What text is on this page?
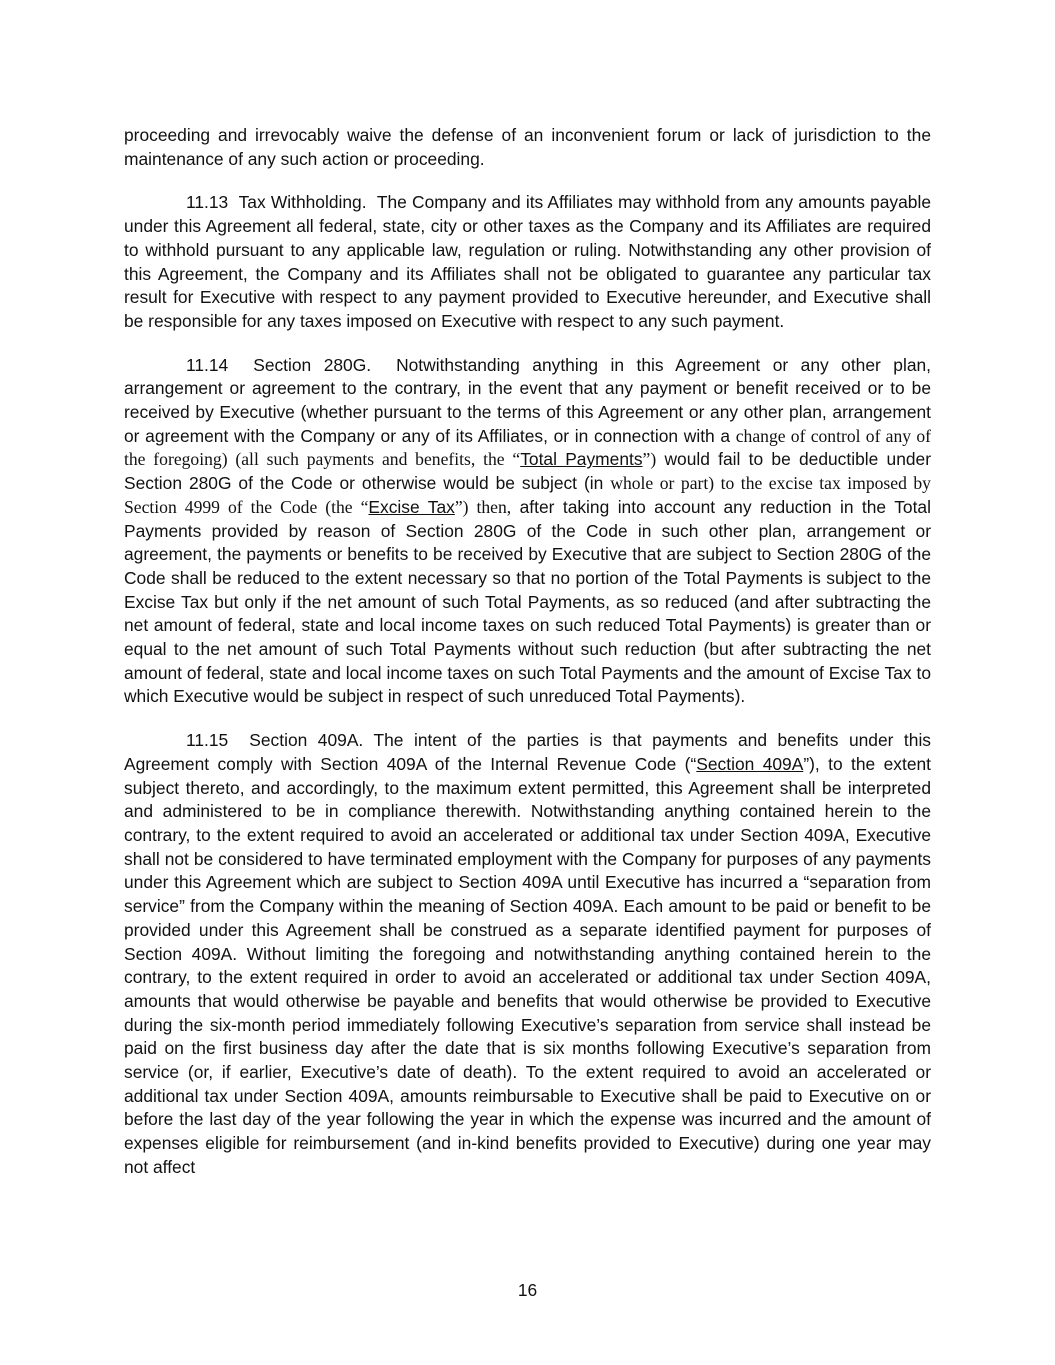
proceeding and irrevocably waive the defense of an inconvenient forum or lack of jurisdiction to the maintenance of any such action or proceeding.

11.13 Tax Withholding. The Company and its Affiliates may withhold from any amounts payable under this Agreement all federal, state, city or other taxes as the Company and its Affiliates are required to withhold pursuant to any applicable law, regulation or ruling. Notwithstanding any other provision of this Agreement, the Company and its Affiliates shall not be obligated to guarantee any particular tax result for Executive with respect to any payment provided to Executive hereunder, and Executive shall be responsible for any taxes imposed on Executive with respect to any such payment.

11.14 Section 280G. Notwithstanding anything in this Agreement or any other plan, arrangement or agreement to the contrary, in the event that any payment or benefit received or to be received by Executive (whether pursuant to the terms of this Agreement or any other plan, arrangement or agreement with the Company or any of its Affiliates, or in connection with a change of control of any of the foregoing) (all such payments and benefits, the “Total Payments”) would fail to be deductible under Section 280G of the Code or otherwise would be subject (in whole or part) to the excise tax imposed by Section 4999 of the Code (the “Excise Tax”) then, after taking into account any reduction in the Total Payments provided by reason of Section 280G of the Code in such other plan, arrangement or agreement, the payments or benefits to be received by Executive that are subject to Section 280G of the Code shall be reduced to the extent necessary so that no portion of the Total Payments is subject to the Excise Tax but only if the net amount of such Total Payments, as so reduced (and after subtracting the net amount of federal, state and local income taxes on such reduced Total Payments) is greater than or equal to the net amount of such Total Payments without such reduction (but after subtracting the net amount of federal, state and local income taxes on such Total Payments and the amount of Excise Tax to which Executive would be subject in respect of such unreduced Total Payments).

11.15 Section 409A. The intent of the parties is that payments and benefits under this Agreement comply with Section 409A of the Internal Revenue Code (“Section 409A”), to the extent subject thereto, and accordingly, to the maximum extent permitted, this Agreement shall be interpreted and administered to be in compliance therewith. Notwithstanding anything contained herein to the contrary, to the extent required to avoid an accelerated or additional tax under Section 409A, Executive shall not be considered to have terminated employment with the Company for purposes of any payments under this Agreement which are subject to Section 409A until Executive has incurred a “separation from service” from the Company within the meaning of Section 409A. Each amount to be paid or benefit to be provided under this Agreement shall be construed as a separate identified payment for purposes of Section 409A. Without limiting the foregoing and notwithstanding anything contained herein to the contrary, to the extent required in order to avoid an accelerated or additional tax under Section 409A, amounts that would otherwise be payable and benefits that would otherwise be provided to Executive during the six-month period immediately following Executive’s separation from service shall instead be paid on the first business day after the date that is six months following Executive’s separation from service (or, if earlier, Executive’s date of death). To the extent required to avoid an accelerated or additional tax under Section 409A, amounts reimbursable to Executive shall be paid to Executive on or before the last day of the year following the year in which the expense was incurred and the amount of expenses eligible for reimbursement (and in-kind benefits provided to Executive) during one year may not affect

16
